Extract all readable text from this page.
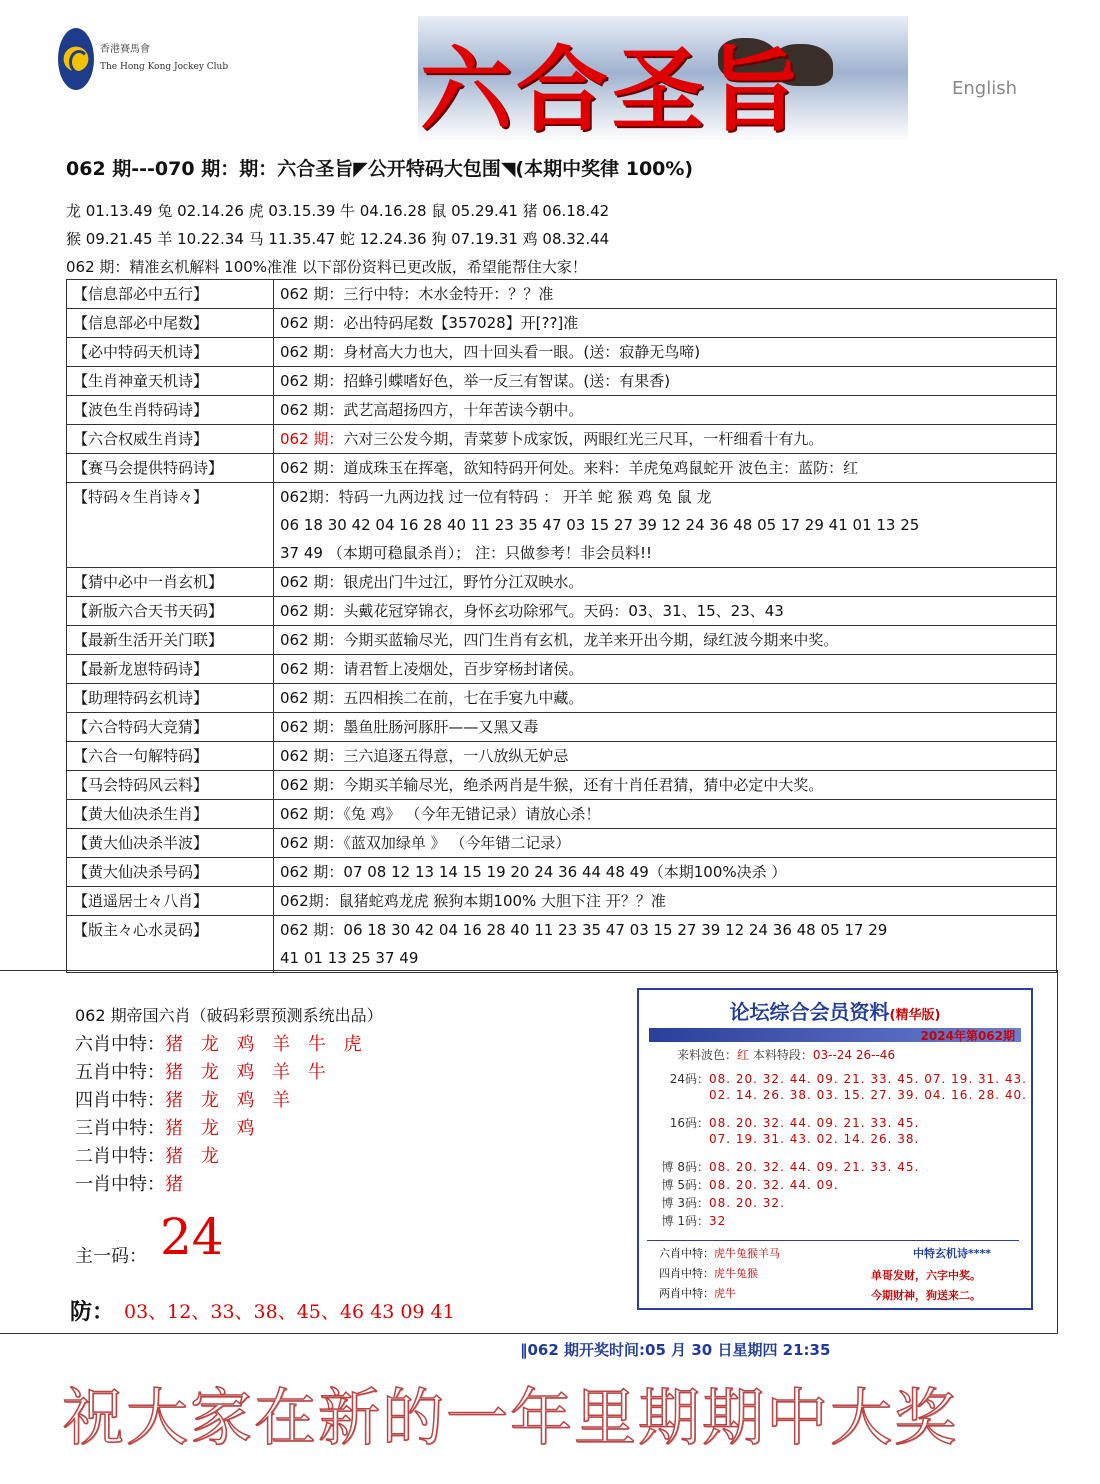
香港賽馬會
The Hong Kong Jockey Club 六合圣旨	English
062 期---070 期：期：六合圣旨◤公开特码大包围◥(本期中奖律 100%)
龙 01.13.49 兔 02.14.26 虎 03.15.39 牛 04.16.28 鼠 05.29.41 猪 06.18.42
猴 09.21.45 羊 10.22.34 马 11.35.47 蛇 12.24.36 狗 07.19.31 鸡 08.32.44
062 期：精准玄机解料 100%准准 以下部份资料已更改版，希望能帮住大家！
【信息部必中五行】	062 期：三行中特：木水金特开：？？准
【信息部必中尾数】	062 期：必出特码尾数【357028】开[??]准
【必中特码天机诗】	062 期：身材高大力也大，四十回头看一眼。(送：寂静无鸟啼)
【生肖神童天机诗】	062 期：招蜂引蝶嗜好色，举一反三有智谋。(送：有果香)
【波色生肖特码诗】	062 期：武艺高超扬四方，十年苦读今朝中。
【六合权威生肖诗】	062 期：六对三公发今期，青菜萝卜成家饭，两眼红光三尺耳，一杆细看十有九。
【赛马会提供特码诗】	062 期：道成珠玉在挥毫，欲知特码开何处。来料：羊虎兔鸡鼠蛇开 波色主：蓝防：红
【特码々生肖诗々】	062期：特码一九两边找 过一位有特码 ： 开羊 蛇 猴 鸡 兔 鼠 龙
06 18 30 42 04 16 28 40 11 23 35 47 03 15 27 39 12 24 36 48 05 17 29 41 01 13 25
37 49 （本期可稳鼠杀肖）； 注：只做参考！非会员料!!

【猜中必中一肖玄机】	062 期：银虎出门牛过江，野竹分江双映水。
【新版六合天书天码】	062 期：头戴花冠穿锦衣，身怀玄功除邪气。天码：03、31、15、23、43
【最新生活开关门联】	062 期：今期买蓝输尽光，四门生肖有玄机，龙羊来开出今期，绿红波今期来中奖。
【最新龙崽特码诗】	062 期：请君暂上凌烟处，百步穿杨封诸侯。
【助理特码玄机诗】	062 期：五四相挨二在前，七在手宴九中藏。
【六合特码大竞猜】	062 期：墨鱼肚肠河豚肝——又黑又毒
【六合一句解特码】	062 期：三六追逐五得意，一八放纵无妒忌
【马会特码风云料】	062 期：今期买羊输尽光，绝杀两肖是牛猴，还有十肖任君猜，猜中必定中大奖。
【黄大仙决杀生肖】	062 期：《兔 鸡》 （今年无错记录）请放心杀！
【黄大仙决杀半波】	062 期：《蓝双加绿单 》 （今年错二记录）
【黄大仙决杀号码】	062 期：07 08 12 13 14 15 19 20 24 36 44 48 49（本期100%决杀 ）
【逍遥居士々八肖】	062期：鼠猪蛇鸡龙虎 猴狗本期100% 大胆下注 开？？准
【版主々心水灵码】	062 期：06 18 30 42 04 16 28 40 11 23 35 47 03 15 27 39 12 24 36 48 05 17 29
41 01 13 25 37 49
062 期帝国六肖（破码彩票预测系统出品）
六肖中特：猪 龙 鸡 羊 牛 虎
五肖中特：猪 龙 鸡 羊 牛
四肖中特：猪 龙 鸡 羊
三肖中特：猪 龙 鸡
二肖中特：猪 龙
一肖中特：猪
主一码： 24
防： 03、12、33、38、45、46 43 09 41
论坛综合会员资料(精华版)
2024年第062期
来料波色：红 本料特段：03--24 26--46
24码：08. 20. 32. 44. 09. 21. 33. 45. 07. 19. 31. 43.
02. 14. 26. 38. 03. 15. 27. 39. 04. 16. 28. 40.
16码：08. 20. 32. 44. 09. 21. 33. 45.
07. 19. 31. 43. 02. 14. 26. 38.
博 8码：08. 20. 32. 44. 09. 21. 33. 45.
博 5码：08. 20. 32. 44. 09.
博 3码：08. 20. 32.
博 1码：32
六肖中特：虎牛兔猴羊马
四肖中特：虎牛兔猴
两肖中特：虎牛
中特玄机诗****
单哥发财，六字中奖。
今期财神，狗送来二。
‖062 期开奖时间:05 月 30 日星期四 21:35
祝大家在新的一年里期期中大奖
